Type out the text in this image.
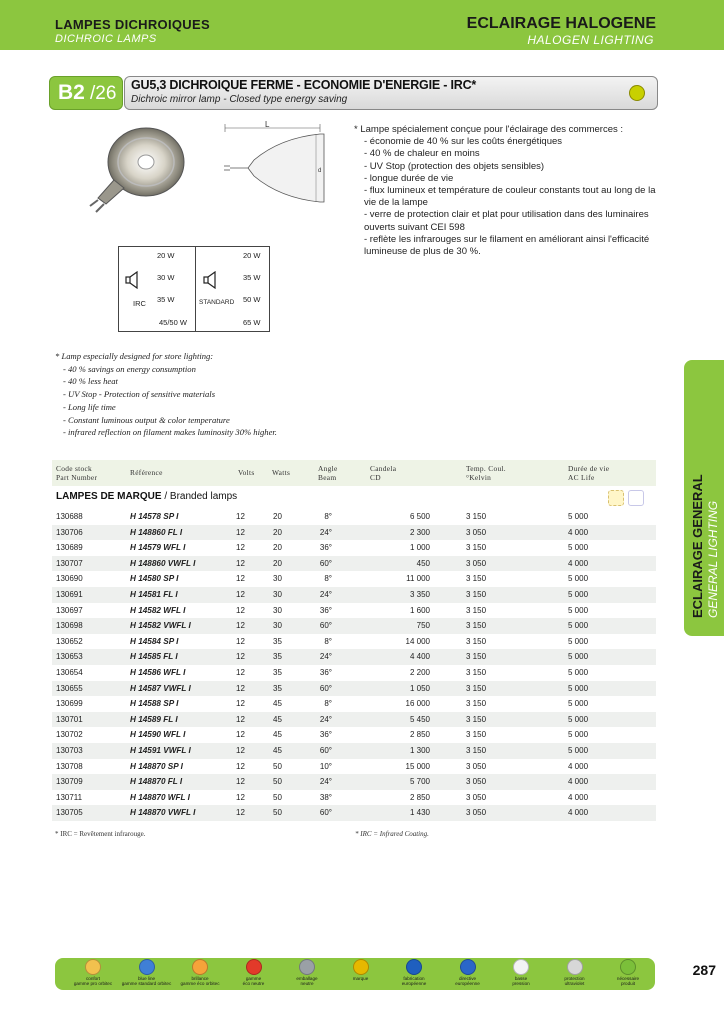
LAMPES DICHROIQUES
DICHROIC LAMPS
ECLAIRAGE HALOGENE
HALOGEN LIGHTING
B2 /26 GU5,3 DICHROIQUE FERME - ECONOMIE D'ENERGIE - IRC*
Dichroic mirror lamp - Closed type energy saving
L
d
IRC	STANDARD
20 W
30 W
35 W
45/50 W
20 W
35 W
50 W
65 W
* Lampe spécialement conçue pour l'éclairage des commerces :
- économie de 40 % sur les coûts énergétiques
- 40 % de chaleur en moins
- UV Stop (protection des objets sensibles)
- longue durée de vie
- flux lumineux et température de couleur constants tout au long de la vie de la lampe
- verre de protection clair et plat pour utilisation dans des luminaires ouverts suivant CEI 598
- reflète les infrarouges sur le filament en améliorant ainsi l'efficacité lumineuse de plus de 30 %.
* Lamp especially designed for store lighting:
- 40 % savings on energy consumption
- 40 % less heat
- UV Stop - Protection of sensitive materials
- Long life time
- Constant luminous output & color temperature
- infrared reflection on filament makes luminosity 30% higher.
ECLAIRAGE GENERAL GENERAL LIGHTING
Code stock
Part Number
Référence	Volts Watts	Angle
Beam
Candela
CD
Temp. Coul.
°Kelvin
Durée de vie
AC Life
LAMPES DE MARQUE / Branded lamps
130688	H 14578 SP I	12	20	8°	6 500	3 150	5 000
130706	H 148860 FL I	12	20	24°	2 300	3 050	4 000
130689	H 14579 WFL I	12	20	36°	1 000	3 150	5 000
130707	H 148860 VWFL I	12	20	60°	450	3 050	4 000
130690	H 14580 SP I	12	30	8°	11 000	3 150	5 000
130691	H 14581 FL I	12	30	24°	3 350	3 150	5 000
130697	H 14582 WFL I	12	30	36°	1 600	3 150	5 000
130698	H 14582 VWFL I	12	30	60°	750	3 150	5 000
130652	H 14584 SP I	12	35	8°	14 000	3 150	5 000
130653	H 14585 FL I	12	35	24°	4 400	3 150	5 000
130654	H 14586 WFL I	12	35	36°	2 200	3 150	5 000
130655	H 14587 VWFL I	12	35	60°	1 050	3 150	5 000
130699	H 14588 SP I	12	45	8°	16 000	3 150	5 000
130701	H 14589 FL I	12	45	24°	5 450	3 150	5 000
130702	H 14590 WFL I	12	45	36°	2 850	3 150	5 000
130703	H 14591 VWFL I	12	45	60°	1 300	3 150	5 000
130708	H 148870 SP I	12	50	10°	15 000	3 050	4 000
130709	H 148870 FL I	12	50	24°	5 700	3 050	4 000
130711	H 148870 WFL I	12	50	38°	2 850	3 050	4 000
130705	H 148870 VWFL I	12	50	60°	1 430	3 050	4 000
* IRC = Revêtement infrarouge.	* IRC = Infrared Coating.
confort
gamme pro orbitec
blue line
gamme standard orbitec
brillance
gamme éco orbitec
gamme
éco neutre
emballage
neutre
marque	fabrication
européenne
directive
européenne
basse
pression
protection
ultraviolet
nécessaire
produit
287
